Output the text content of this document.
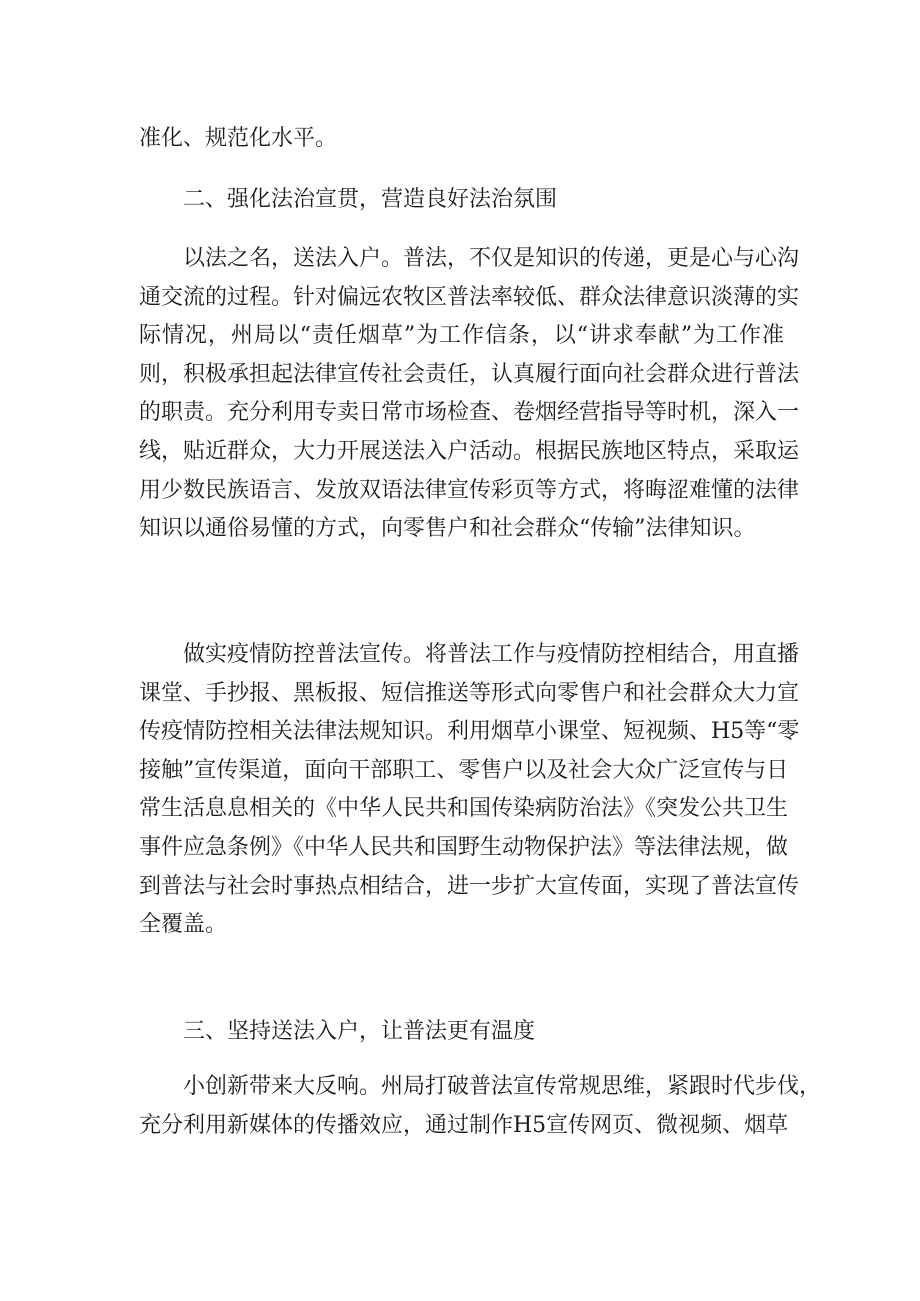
准化、规范化水平。

二、强化法治宣贯，营造良好法治氛围

以法之名，送法入户。普法，不仅是知识的传递，更是心与心沟
通交流的过程。针对偏远农牧区普法率较低、群众法律意识淡薄的实
际情况，州局以“责任烟草”为工作信条，以“讲求奉献”为工作准
则，积极承担起法律宣传社会责任，认真履行面向社会群众进行普法
的职责。充分利用专卖日常市场检查、卷烟经营指导等时机，深入一
线，贴近群众，大力开展送法入户活动。根据民族地区特点，采取运
用少数民族语言、发放双语法律宣传彩页等方式，将晦涩难懂的法律
知识以通俗易懂的方式，向零售户和社会群众“传输”法律知识。

做实疫情防控普法宣传。将普法工作与疫情防控相结合，用直播
课堂、手抄报、黑板报、短信推送等形式向零售户和社会群众大力宣
传疫情防控相关法律法规知识。利用烟草小课堂、短视频、H5等“零
接触”宣传渠道，面向干部职工、零售户以及社会大众广泛宣传与日
常生活息息相关的《中华人民共和国传染病防治法》《突发公共卫生
事件应急条例》《中华人民共和国野生动物保护法》等法律法规，做
到普法与社会时事热点相结合，进一步扩大宣传面，实现了普法宣传
全覆盖。

三、坚持送法入户，让普法更有温度

小创新带来大反响。州局打破普法宣传常规思维，紧跟时代步伐，
充分利用新媒体的传播效应，通过制作H5宣传网页、微视频、烟草
